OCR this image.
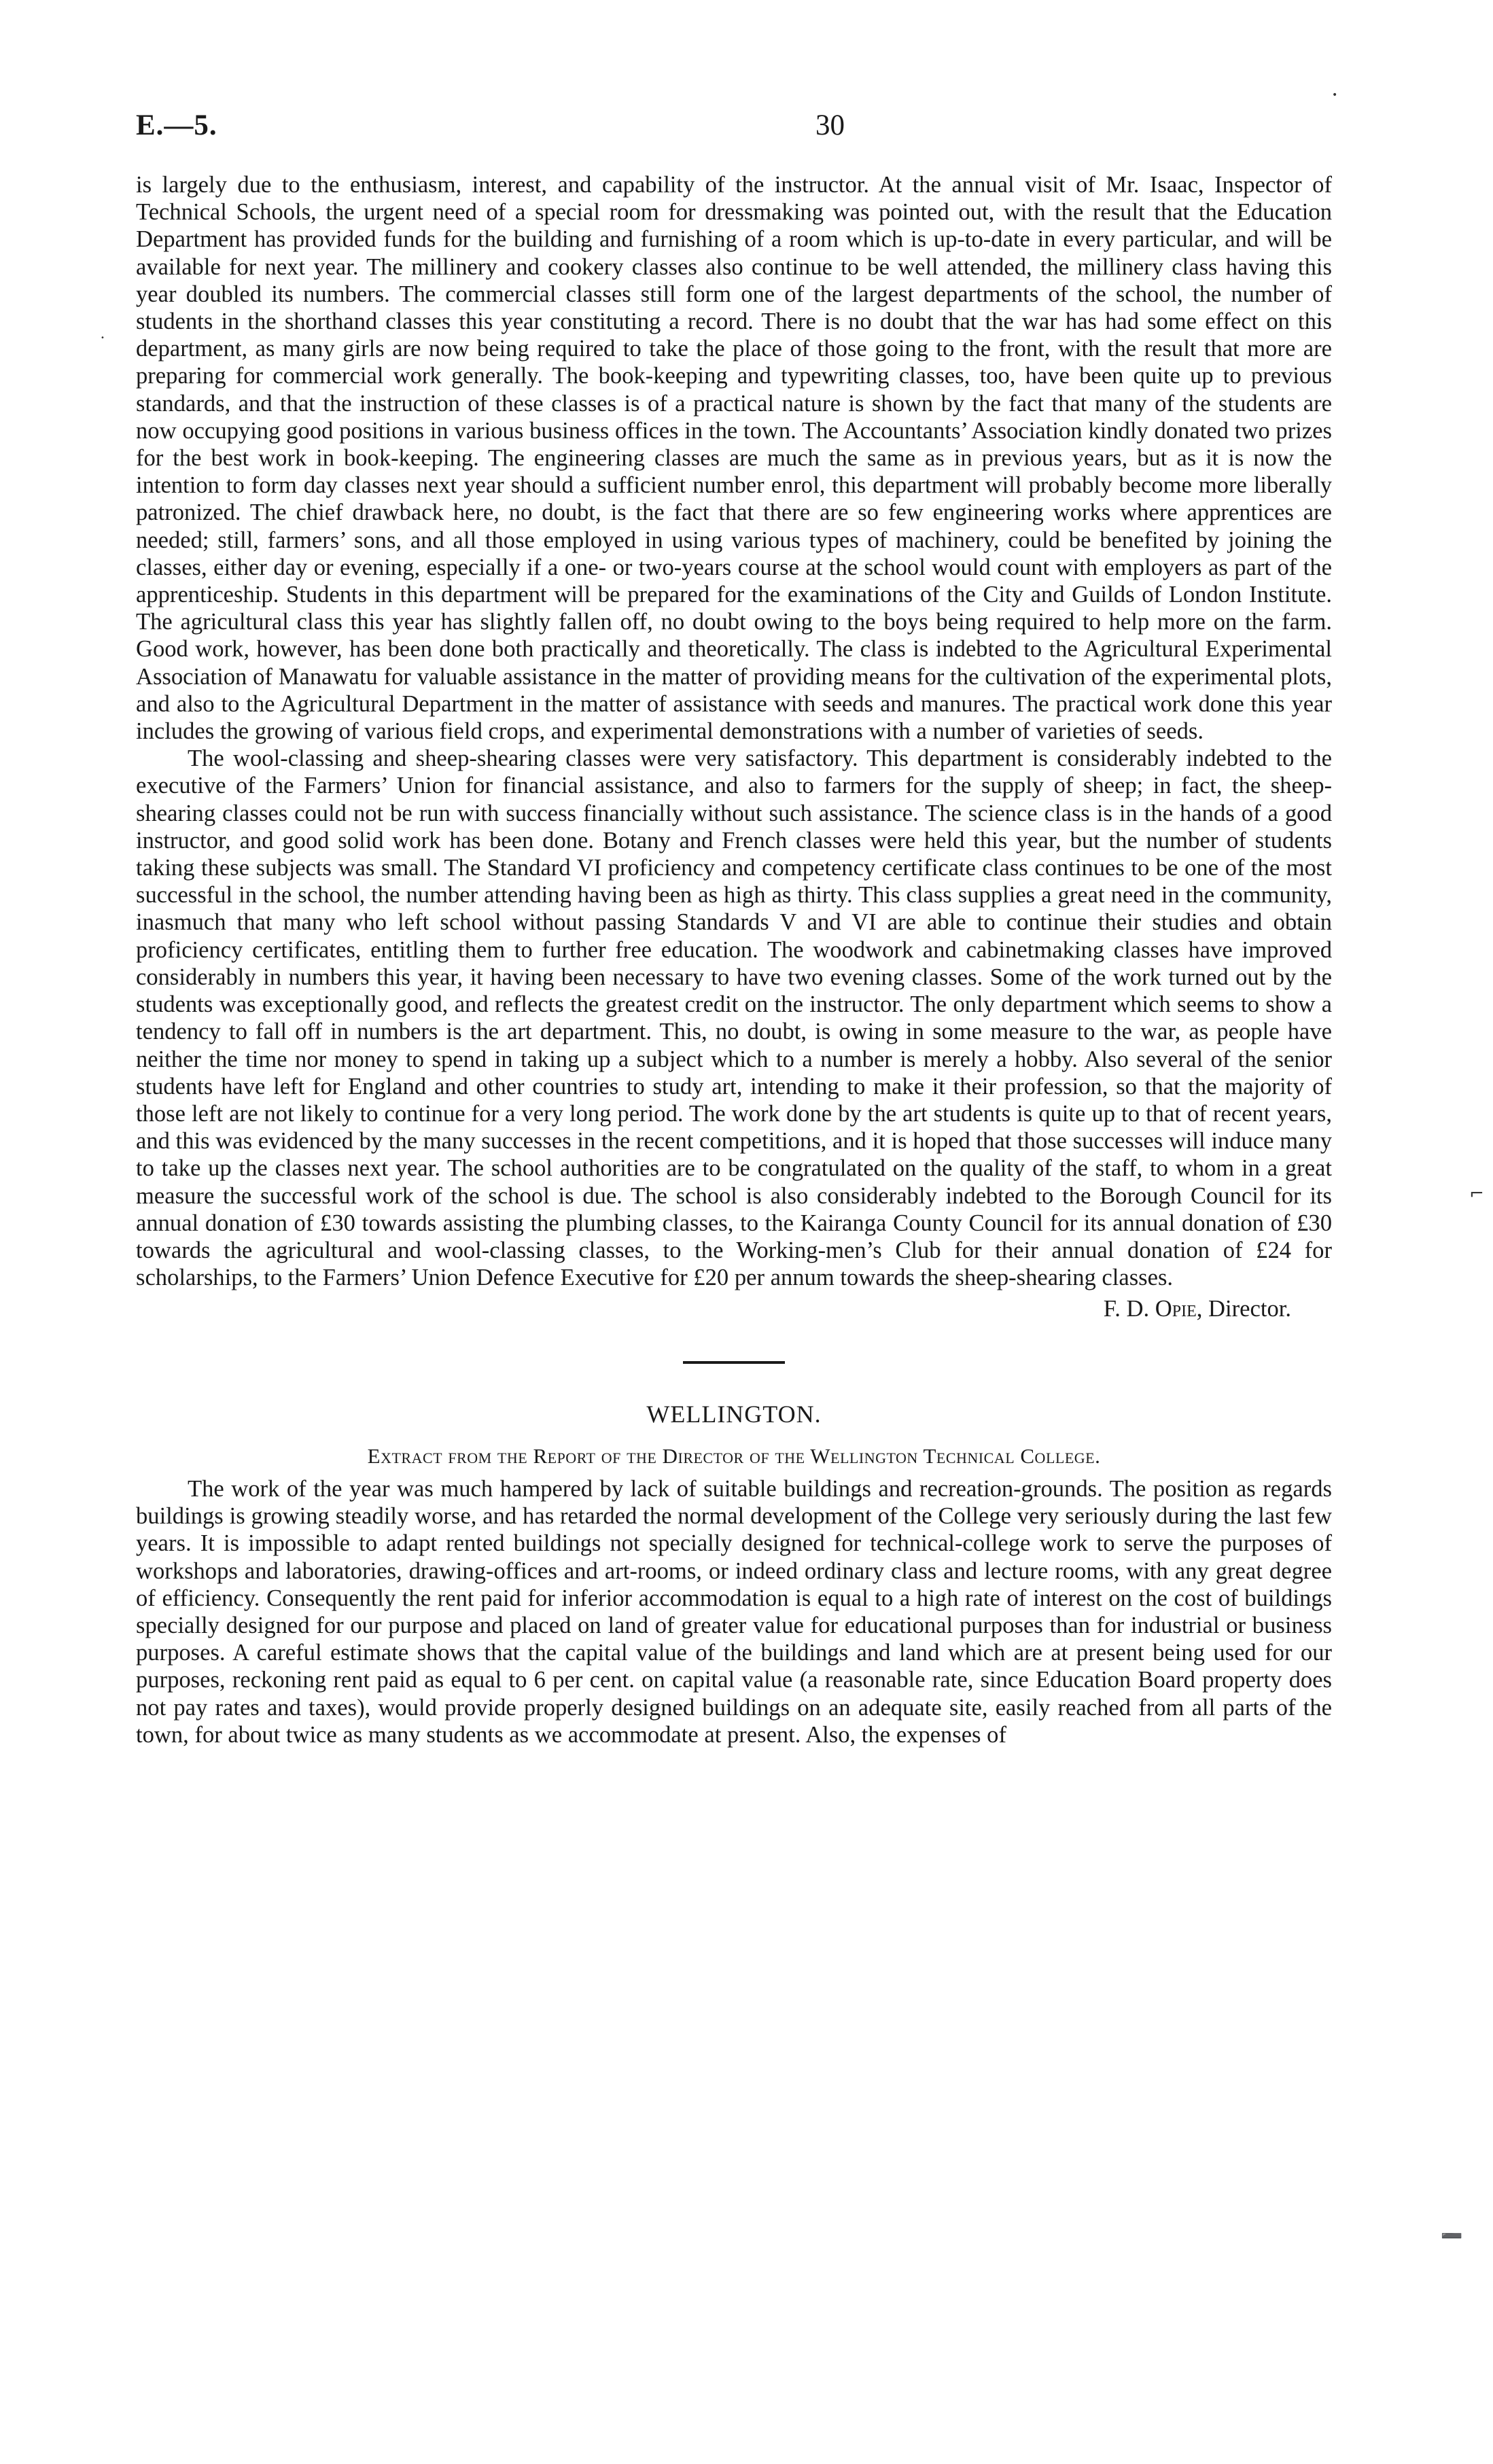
E.—5.	30

is largely due to the enthusiasm, interest, and capability of the instructor. At the annual visit of Mr. Isaac, Inspector of Technical Schools, the urgent need of a special room for dressmaking was pointed out, with the result that the Education Department has provided funds for the building and furnishing of a room which is up-to-date in every particular, and will be available for next year. The millinery and cookery classes also continue to be well attended, the millinery class having this year doubled its numbers. The commercial classes still form one of the largest departments of the school, the number of students in the shorthand classes this year constituting a record. There is no doubt that the war has had some effect on this department, as many girls are now being required to take the place of those going to the front, with the result that more are preparing for commercial work generally. The book-keeping and typewriting classes, too, have been quite up to previous standards, and that the instruction of these classes is of a practical nature is shown by the fact that many of the students are now occupying good positions in various business offices in the town. The Accountants’ Association kindly donated two prizes for the best work in book-keeping. The engineering classes are much the same as in previous years, but as it is now the intention to form day classes next year should a sufficient number enrol, this department will probably become more liberally patronized. The chief drawback here, no doubt, is the fact that there are so few engineering works where apprentices are needed; still, farmers’ sons, and all those employed in using various types of machinery, could be benefited by joining the classes, either day or evening, especially if a one- or two-years course at the school would count with employers as part of the apprenticeship. Students in this department will be prepared for the examinations of the City and Guilds of London Institute. The agricultural class this year has slightly fallen off, no doubt owing to the boys being required to help more on the farm. Good work, however, has been done both practically and theoretically. The class is indebted to the Agricultural Experimental Association of Manawatu for valuable assistance in the matter of providing means for the cultivation of the experimental plots, and also to the Agricultural Department in the matter of assistance with seeds and manures. The practical work done this year includes the growing of various field crops, and experimental demonstrations with a number of varieties of seeds.

The wool-classing and sheep-shearing classes were very satisfactory. This department is considerably indebted to the executive of the Farmers’ Union for financial assistance, and also to farmers for the supply of sheep; in fact, the sheep-shearing classes could not be run with success financially without such assistance. The science class is in the hands of a good instructor, and good solid work has been done. Botany and French classes were held this year, but the number of students taking these subjects was small. The Standard VI proficiency and competency certificate class continues to be one of the most successful in the school, the number attending having been as high as thirty. This class supplies a great need in the community, inasmuch that many who left school without passing Standards V and VI are able to continue their studies and obtain proficiency certificates, entitling them to further free education. The woodwork and cabinetmaking classes have improved considerably in numbers this year, it having been necessary to have two evening classes. Some of the work turned out by the students was exceptionally good, and reflects the greatest credit on the instructor. The only department which seems to show a tendency to fall off in numbers is the art department. This, no doubt, is owing in some measure to the war, as people have neither the time nor money to spend in taking up a subject which to a number is merely a hobby. Also several of the senior students have left for England and other countries to study art, intending to make it their profession, so that the majority of those left are not likely to continue for a very long period. The work done by the art students is quite up to that of recent years, and this was evidenced by the many successes in the recent competitions, and it is hoped that those successes will induce many to take up the classes next year. The school authorities are to be congratulated on the quality of the staff, to whom in a great measure the successful work of the school is due. The school is also considerably indebted to the Borough Council for its annual donation of £30 towards assisting the plumbing classes, to the Kairanga County Council for its annual donation of £30 towards the agricultural and wool-classing classes, to the Working-men’s Club for their annual donation of £24 for scholarships, to the Farmers’ Union Defence Executive for £20 per annum towards the sheep-shearing classes.

F. D. Opie, Director.
WELLINGTON.
Extract from the Report of the Director of the Wellington Technical College.

The work of the year was much hampered by lack of suitable buildings and recreation-grounds. The position as regards buildings is growing steadily worse, and has retarded the normal development of the College very seriously during the last few years. It is impossible to adapt rented buildings not specially designed for technical-college work to serve the purposes of workshops and laboratories, drawing-offices and art-rooms, or indeed ordinary class and lecture rooms, with any great degree of efficiency. Consequently the rent paid for inferior accommodation is equal to a high rate of interest on the cost of buildings specially designed for our purpose and placed on land of greater value for educational purposes than for industrial or business purposes. A careful estimate shows that the capital value of the buildings and land which are at present being used for our purposes, reckoning rent paid as equal to 6 per cent. on capital value (a reasonable rate, since Education Board property does not pay rates and taxes), would provide properly designed buildings on an adequate site, easily reached from all parts of the town, for about twice as many students as we accommodate at present. Also, the expenses of

•
•
⌐
➖
